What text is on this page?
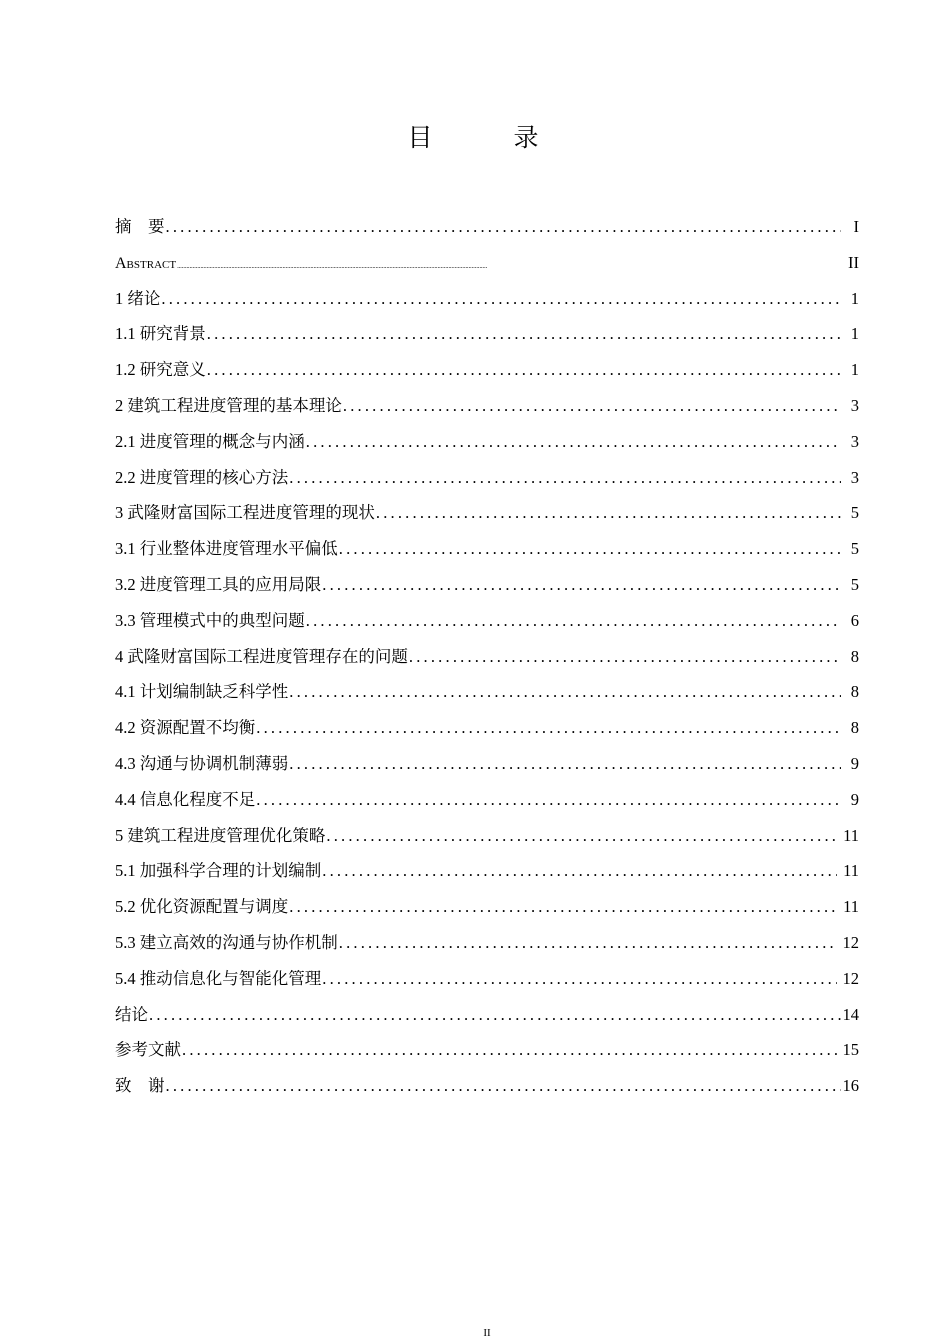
目　录
摘　要 .....	I
Abstract .....	II
1 绪论 .....	1
1.1 研究背景 .....	1
1.2 研究意义 .....	1
2 建筑工程进度管理的基本理论 .....	3
2.1 进度管理的概念与内涵 .....	3
2.2 进度管理的核心方法 .....	3
3 武隆财富国际工程进度管理的现状 .....	5
3.1 行业整体进度管理水平偏低 .....	5
3.2 进度管理工具的应用局限 .....	5
3.3 管理模式中的典型问题 .....	6
4 武隆财富国际工程进度管理存在的问题 .....	8
4.1 计划编制缺乏科学性 .....	8
4.2 资源配置不均衡 .....	8
4.3 沟通与协调机制薄弱 .....	9
4.4 信息化程度不足 .....	9
5 建筑工程进度管理优化策略 .....	11
5.1 加强科学合理的计划编制 .....	11
5.2 优化资源配置与调度 .....	11
5.3 建立高效的沟通与协作机制 .....	12
5.4 推动信息化与智能化管理 .....	12
结论 .....	14
参考文献 .....	15
致　谢 .....	16
II
